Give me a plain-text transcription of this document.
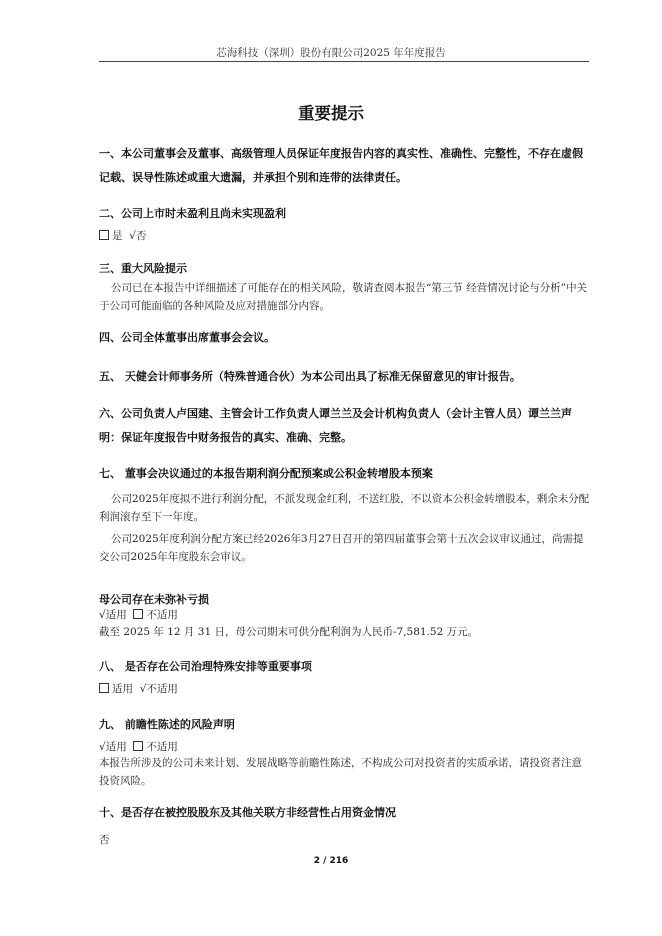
芯海科技（深圳）股份有限公司2025 年年度报告
重要提示
一、本公司董事会及董事、高级管理人员保证年度报告内容的真实性、准确性、完整性，不存在虚假记载、误导性陈述或重大遗漏，并承担个别和连带的法律责任。
二、公司上市时未盈利且尚未实现盈利
是 √否
三、重大风险提示
公司已在本报告中详细描述了可能存在的相关风险，敬请查阅本报告“第三节 经营情况讨论与分析”中关于公司可能面临的各种风险及应对措施部分内容。
四、公司全体董事出席董事会会议。
五、 天健会计师事务所（特殊普通合伙）为本公司出具了标准无保留意见的审计报告。
六、公司负责人卢国建、主管会计工作负责人谭兰兰及会计机构负责人（会计主管人员）谭兰兰声明：保证年度报告中财务报告的真实、准确、完整。
七、 董事会决议通过的本报告期利润分配预案或公积金转增股本预案
公司2025年度拟不进行利润分配，不派发现金红利，不送红股，不以资本公积金转增股本，剩余未分配利润滚存至下一年度。
公司2025年度利润分配方案已经2026年3月27日召开的第四届董事会第十五次会议审议通过，尚需提交公司2025年年度股东会审议。
母公司存在未弥补亏损
√适用 不适用
截至 2025 年 12 月 31 日，母公司期末可供分配利润为人民币-7,581.52 万元。
八、 是否存在公司治理特殊安排等重要事项
适用 √不适用
九、 前瞻性陈述的风险声明
√适用 不适用
本报告所涉及的公司未来计划、发展战略等前瞻性陈述，不构成公司对投资者的实质承诺，请投资者注意投资风险。
十、是否存在被控股股东及其他关联方非经营性占用资金情况
否
2 / 216
